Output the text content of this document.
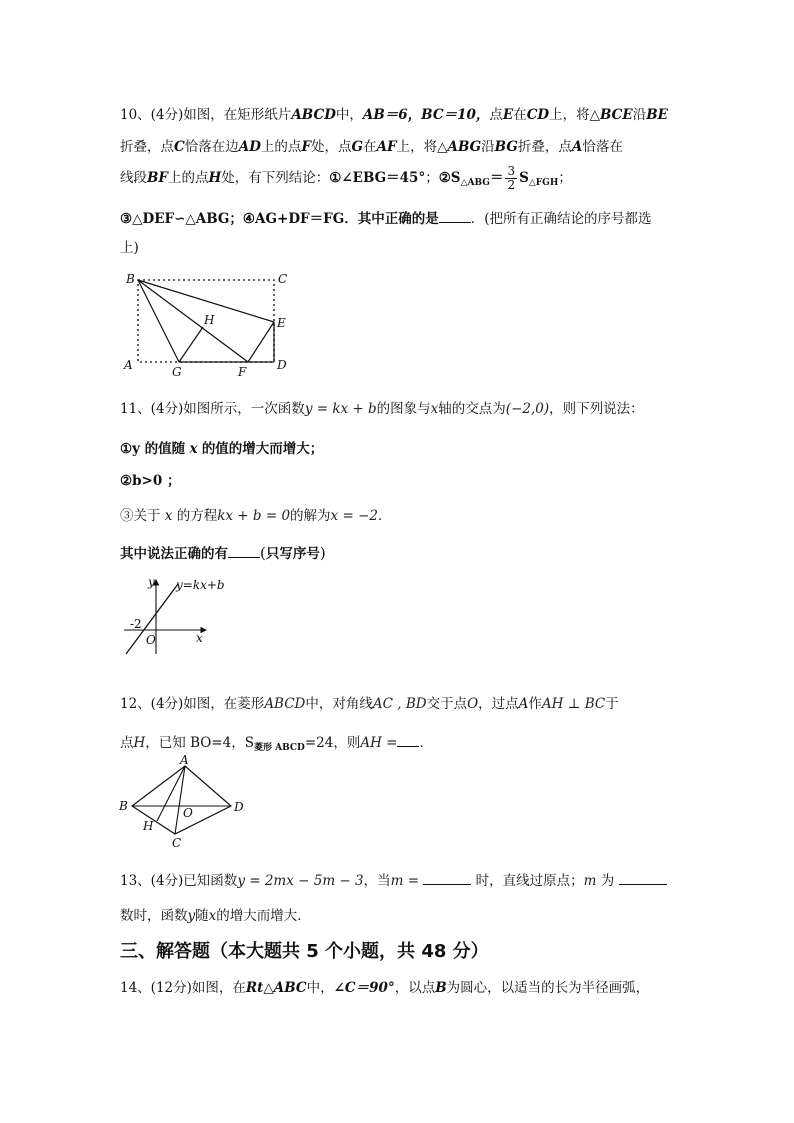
10、(4分)如图，在矩形纸片ABCD中，AB＝6，BC＝10，点E在CD上，将△BCE沿BE
折叠，点C恰落在边AD上的点F处，点G在AF上，将△ABG沿BG折叠，点A恰落在
线段BF上的点H处，有下列结论：①∠EBG＝45°；$②S_{\triangle ABG}= \frac{3}{2} S_{\triangle FGH}$；
③△DEF∽△ABG；④AG+DF＝FG．其中正确的是 ．(把所有正确结论的序号都选
上)
B	C
H	E
A	G	F	D
11、(4分)如图所示，一次函数y = kx + b的图象与x轴的交点为(−2,0)，则下列说法：
①y 的值随 x 的值的增大而增大；
②b>0 ；
③关于 x 的方程kx + b = 0的解为x = −2．
其中说法正确的有 (只写序号)
y y=kx+b
-2
O	x
12、(4分)如图，在菱形ABCD中，对角线AC , BD交于点O，过点A作AH ⊥ BC于
点H，已知 BO=4，$S_{菱形 ABCD}=24$，则AH = ．
A
B	O	D
H
C
13、(4分)已知函数y = 2mx − 5m − 3，当m =	时，直线过原点；m 为
数时，函数y随x的增大而增大．
三、解答题（本大题共 5 个小题，共 48 分）
14、(12分)如图，在Rt△ABC中，∠C＝90°，以点B为圆心，以适当的长为半径画弧，
